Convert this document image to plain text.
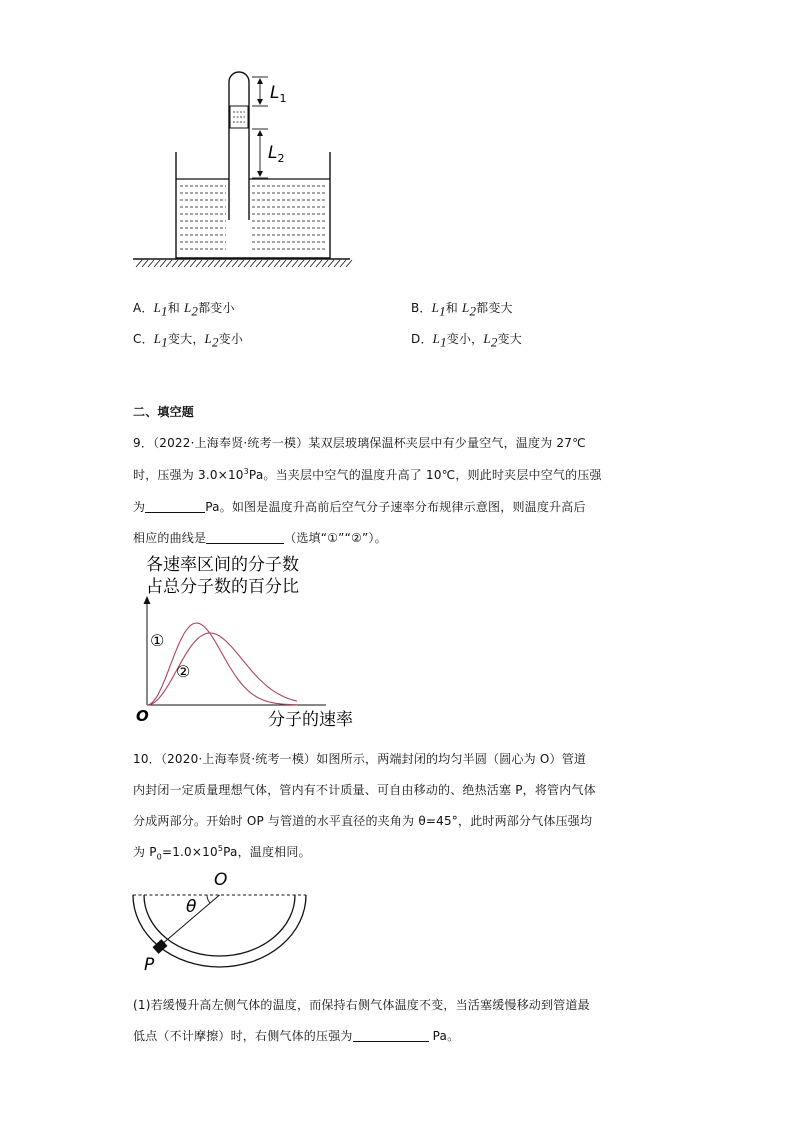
$L_1$
$L_2$
A．$L_1$和 $L_2$都变小	B．$L_1$和 $L_2$都变大
C．$L_1$变大，$L_2$变小	D．$L_1$变小，$L_2$变大
二、填空题
9．（2022·上海奉贤·统考一模）某双层玻璃保温杯夹层中有少量空气，温度为 27℃
时，压强为 $3.0\times 10^3Pa$。当夹层中空气的温度升高了 10℃，则此时夹层中空气的压强
为	Pa。如图是温度升高前后空气分子速率分布规律示意图，则温度升高后
相应的曲线是	（选填“①”“②”）。
各速率区间的分子数
占总分子数的百分比
O	分子的速率
①
②
10．（2020·上海奉贤·统考一模）如图所示，两端封闭的均匀半圆（圆心为 O）管道
内封闭一定质量理想气体，管内有不计质量、可自由移动的、绝热活塞 P，将管内气体
分成两部分。开始时 OP 与管道的水平直径的夹角为 θ=45°，此时两部分气体压强均
为 $P_0=1.0\times 10^5Pa$，温度相同。
θ
O
P
(1)若缓慢升高左侧气体的温度，而保持右侧气体温度不变，当活塞缓慢移动到管道最
低点（不计摩擦）时，右侧气体的压强为	Pa。
